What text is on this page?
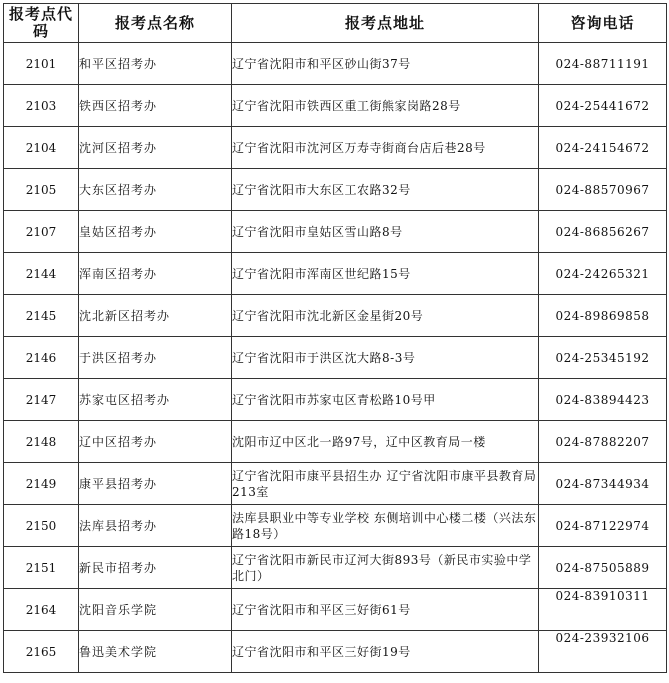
报考点代码	报考点名称	报考点地址	咨询电话
2101	和平区招考办	辽宁省沈阳市和平区砂山街37号	024-88711191
2103	铁西区招考办	辽宁省沈阳市铁西区重工街熊家岗路28号	024-25441672
2104	沈河区招考办	辽宁省沈阳市沈河区万寿寺街商台店后巷28号	024-24154672
2105	大东区招考办	辽宁省沈阳市大东区工农路32号	024-88570967
2107	皇姑区招考办	辽宁省沈阳市皇姑区雪山路8号	024-86856267
2144	浑南区招考办	辽宁省沈阳市浑南区世纪路15号	024-24265321
2145	沈北新区招考办	辽宁省沈阳市沈北新区金星街20号	024-89869858
2146	于洪区招考办	辽宁省沈阳市于洪区沈大路8-3号	024-25345192
2147	苏家屯区招考办	辽宁省沈阳市苏家屯区青松路10号甲	024-83894423
2148	辽中区招考办	沈阳市辽中区北一路97号，辽中区教育局一楼	024-87882207
2149	康平县招考办	辽宁省沈阳市康平县招生办 辽宁省沈阳市康平县教育局213室	024-87344934
2150	法库县招考办	法库县职业中等专业学校 东侧培训中心楼二楼（兴法东路18号）	024-87122974
2151	新民市招考办	辽宁省沈阳市新民市辽河大街893号（新民市实验中学北门）	024-87505889
2164	沈阳音乐学院	辽宁省沈阳市和平区三好街61号	024-83910311
2165	鲁迅美术学院	辽宁省沈阳市和平区三好街19号	024-23932106
